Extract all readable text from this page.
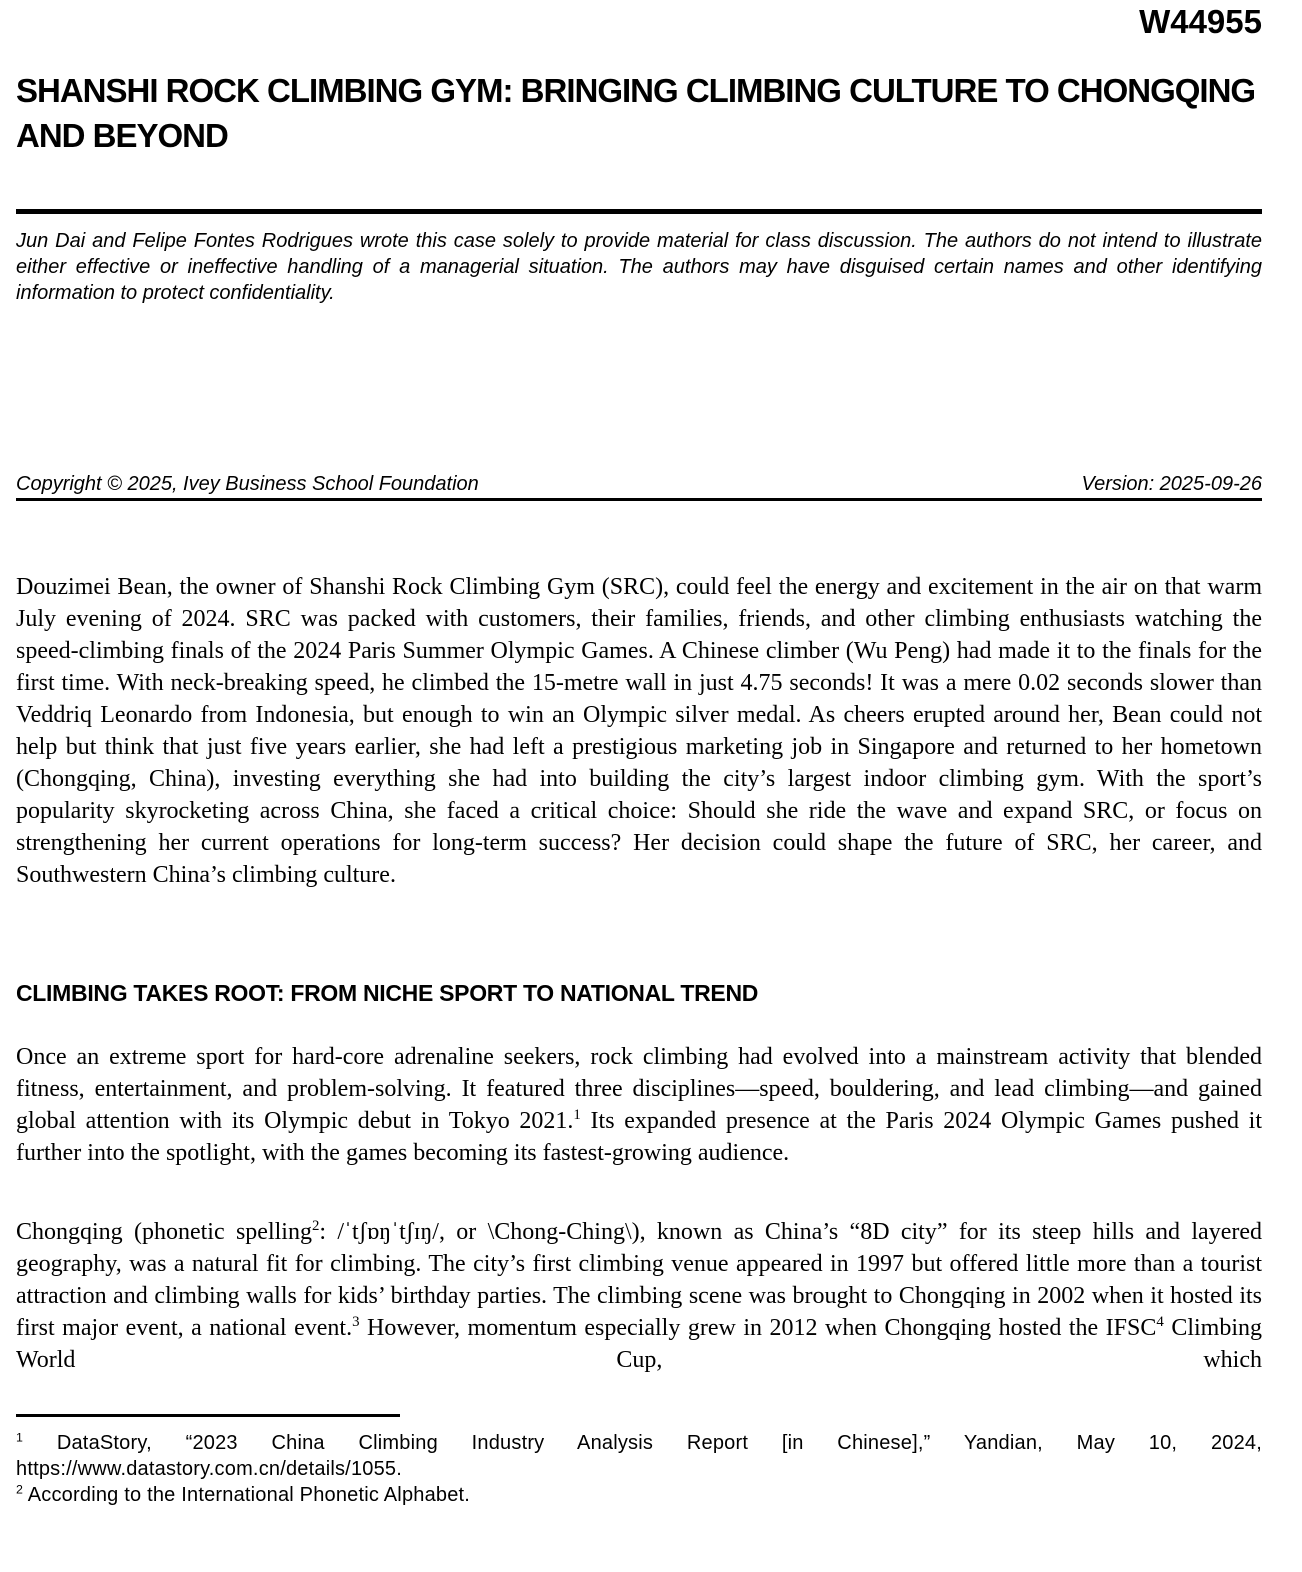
W44955
SHANSHI ROCK CLIMBING GYM: BRINGING CLIMBING CULTURE TO CHONGQING AND BEYOND

Jun Dai and Felipe Fontes Rodrigues wrote this case solely to provide material for class discussion. The authors do not intend to illustrate either effective or ineffective handling of a managerial situation. The authors may have disguised certain names and other identifying information to protect confidentiality.

Copyright © 2025, Ivey Business School Foundation	Version: 2025-09-26

Douzimei Bean, the owner of Shanshi Rock Climbing Gym (SRC), could feel the energy and excitement in the air on that warm July evening of 2024. SRC was packed with customers, their families, friends, and other climbing enthusiasts watching the speed-climbing finals of the 2024 Paris Summer Olympic Games. A Chinese climber (Wu Peng) had made it to the finals for the first time. With neck-breaking speed, he climbed the 15-metre wall in just 4.75 seconds! It was a mere 0.02 seconds slower than Veddriq Leonardo from Indonesia, but enough to win an Olympic silver medal. As cheers erupted around her, Bean could not help but think that just five years earlier, she had left a prestigious marketing job in Singapore and returned to her hometown (Chongqing, China), investing everything she had into building the city’s largest indoor climbing gym. With the sport’s popularity skyrocketing across China, she faced a critical choice: Should she ride the wave and expand SRC, or focus on strengthening her current operations for long-term success? Her decision could shape the future of SRC, her career, and Southwestern China’s climbing culture.

CLIMBING TAKES ROOT: FROM NICHE SPORT TO NATIONAL TREND

Once an extreme sport for hard-core adrenaline seekers, rock climbing had evolved into a mainstream activity that blended fitness, entertainment, and problem-solving. It featured three disciplines—speed, bouldering, and lead climbing—and gained global attention with its Olympic debut in Tokyo 2021.$^1$ Its expanded presence at the Paris 2024 Olympic Games pushed it further into the spotlight, with the games becoming its fastest-growing audience.

Chongqing (phonetic spelling$^2$: /ˈtʃɒŋˈtʃɪŋ/, or \Chong-Ching\), known as China’s “8D city” for its steep hills and layered geography, was a natural fit for climbing. The city’s first climbing venue appeared in 1997 but offered little more than a tourist attraction and climbing walls for kids’ birthday parties. The climbing scene was brought to Chongqing in 2002 when it hosted its first major event, a national event.$^3$ However, momentum especially grew in 2012 when Chongqing hosted the IFSC$^4$ Climbing World Cup, which

$^1$ DataStory, “2023 China Climbing Industry Analysis Report [in Chinese],” Yandian, May 10, 2024, https://www.datastory.com.cn/details/1055.

$^2$ According to the International Phonetic Alphabet.
